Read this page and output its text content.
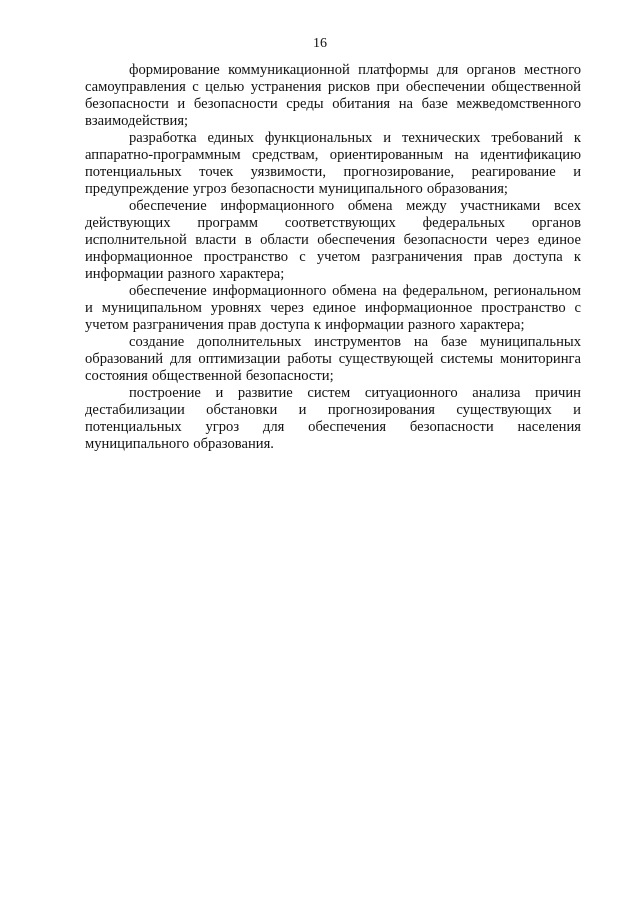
16

формирование коммуникационной платформы для органов местного самоуправления с целью устранения рисков при обеспечении общественной безопасности и безопасности среды обитания на базе межведомственного взаимодействия;

разработка единых функциональных и технических требований к аппаратно-программным средствам, ориентированным на идентификацию потенциальных точек уязвимости, прогнозирование, реагирование и предупреждение угроз безопасности муниципального образования;

обеспечение информационного обмена между участниками всех действующих программ соответствующих федеральных органов исполнительной власти в области обеспечения безопасности через единое информационное пространство с учетом разграничения прав доступа к информации разного характера;

обеспечение информационного обмена на федеральном, региональном и муниципальном уровнях через единое информационное пространство с учетом разграничения прав доступа к информации разного характера;

создание дополнительных инструментов на базе муниципальных образований для оптимизации работы существующей системы мониторинга состояния общественной безопасности;

построение и развитие систем ситуационного анализа причин дестабилизации обстановки и прогнозирования существующих и потенциальных угроз для обеспечения безопасности населения муниципального образования.
